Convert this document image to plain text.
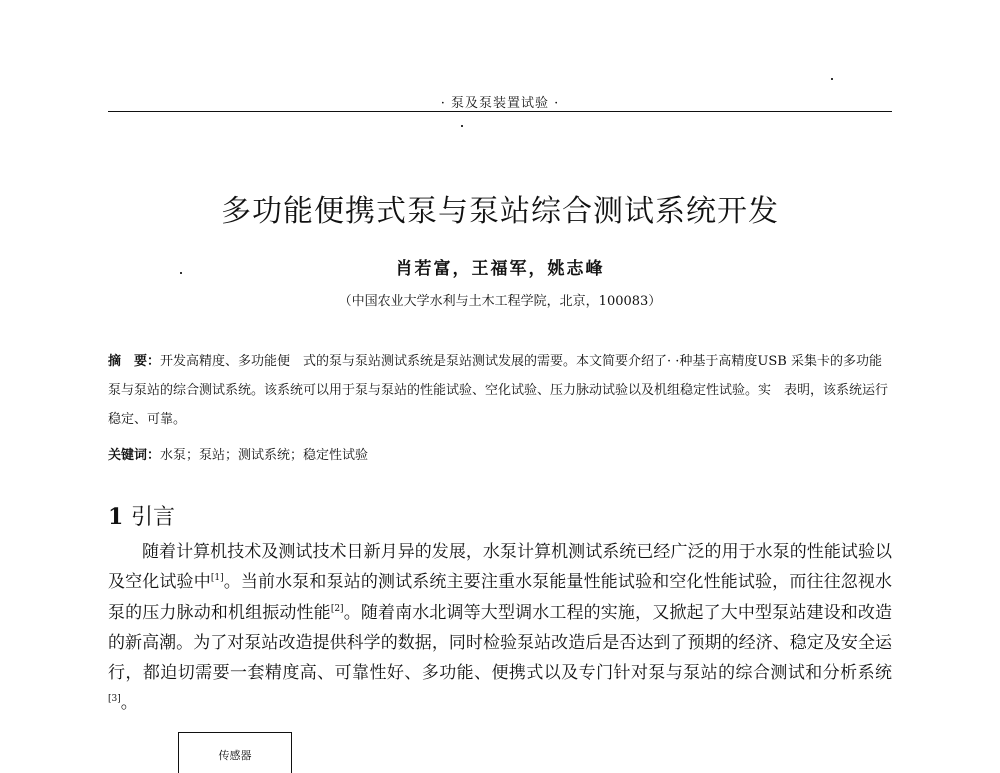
· 泵及泵装置试验 ·
多功能便携式泵与泵站综合测试系统开发
肖若富，王福军，姚志峰
（中国农业大学水利与土木工程学院，北京，100083）
摘　要：开发高精度、多功能便　式的泵与泵站测试系统是泵站测试发展的需要。本文简要介绍了· ·种基于高精度USB 采集卡的多功能泵与泵站的综合测试系统。该系统可以用于泵与泵站的性能试验、空化试验、压力脉动试验以及机组稳定性试验。实　表明，该系统运行稳定、可靠。
关键词：水泵；泵站；测试系统；稳定性试验
1 引言
随着计算机技术及测试技术日新月异的发展，水泵计算机测试系统已经广泛的用于水泵的性能试验以及空化试验中[1]。当前水泵和泵站的测试系统主要注重水泵能量性能试验和空化性能试验，而往往忽视水泵的压力脉动和机组振动性能[2]。随着南水北调等大型调水工程的实施，又掀起了大中型泵站建设和改造的新高潮。为了对泵站改造提供科学的数据，同时检验泵站改造后是否达到了预期的经济、稳定及安全运行，都迫切需要一套精度高、可靠性好、多功能、便携式以及专门针对泵与泵站的综合测试和分析系统[3]。
传感器
